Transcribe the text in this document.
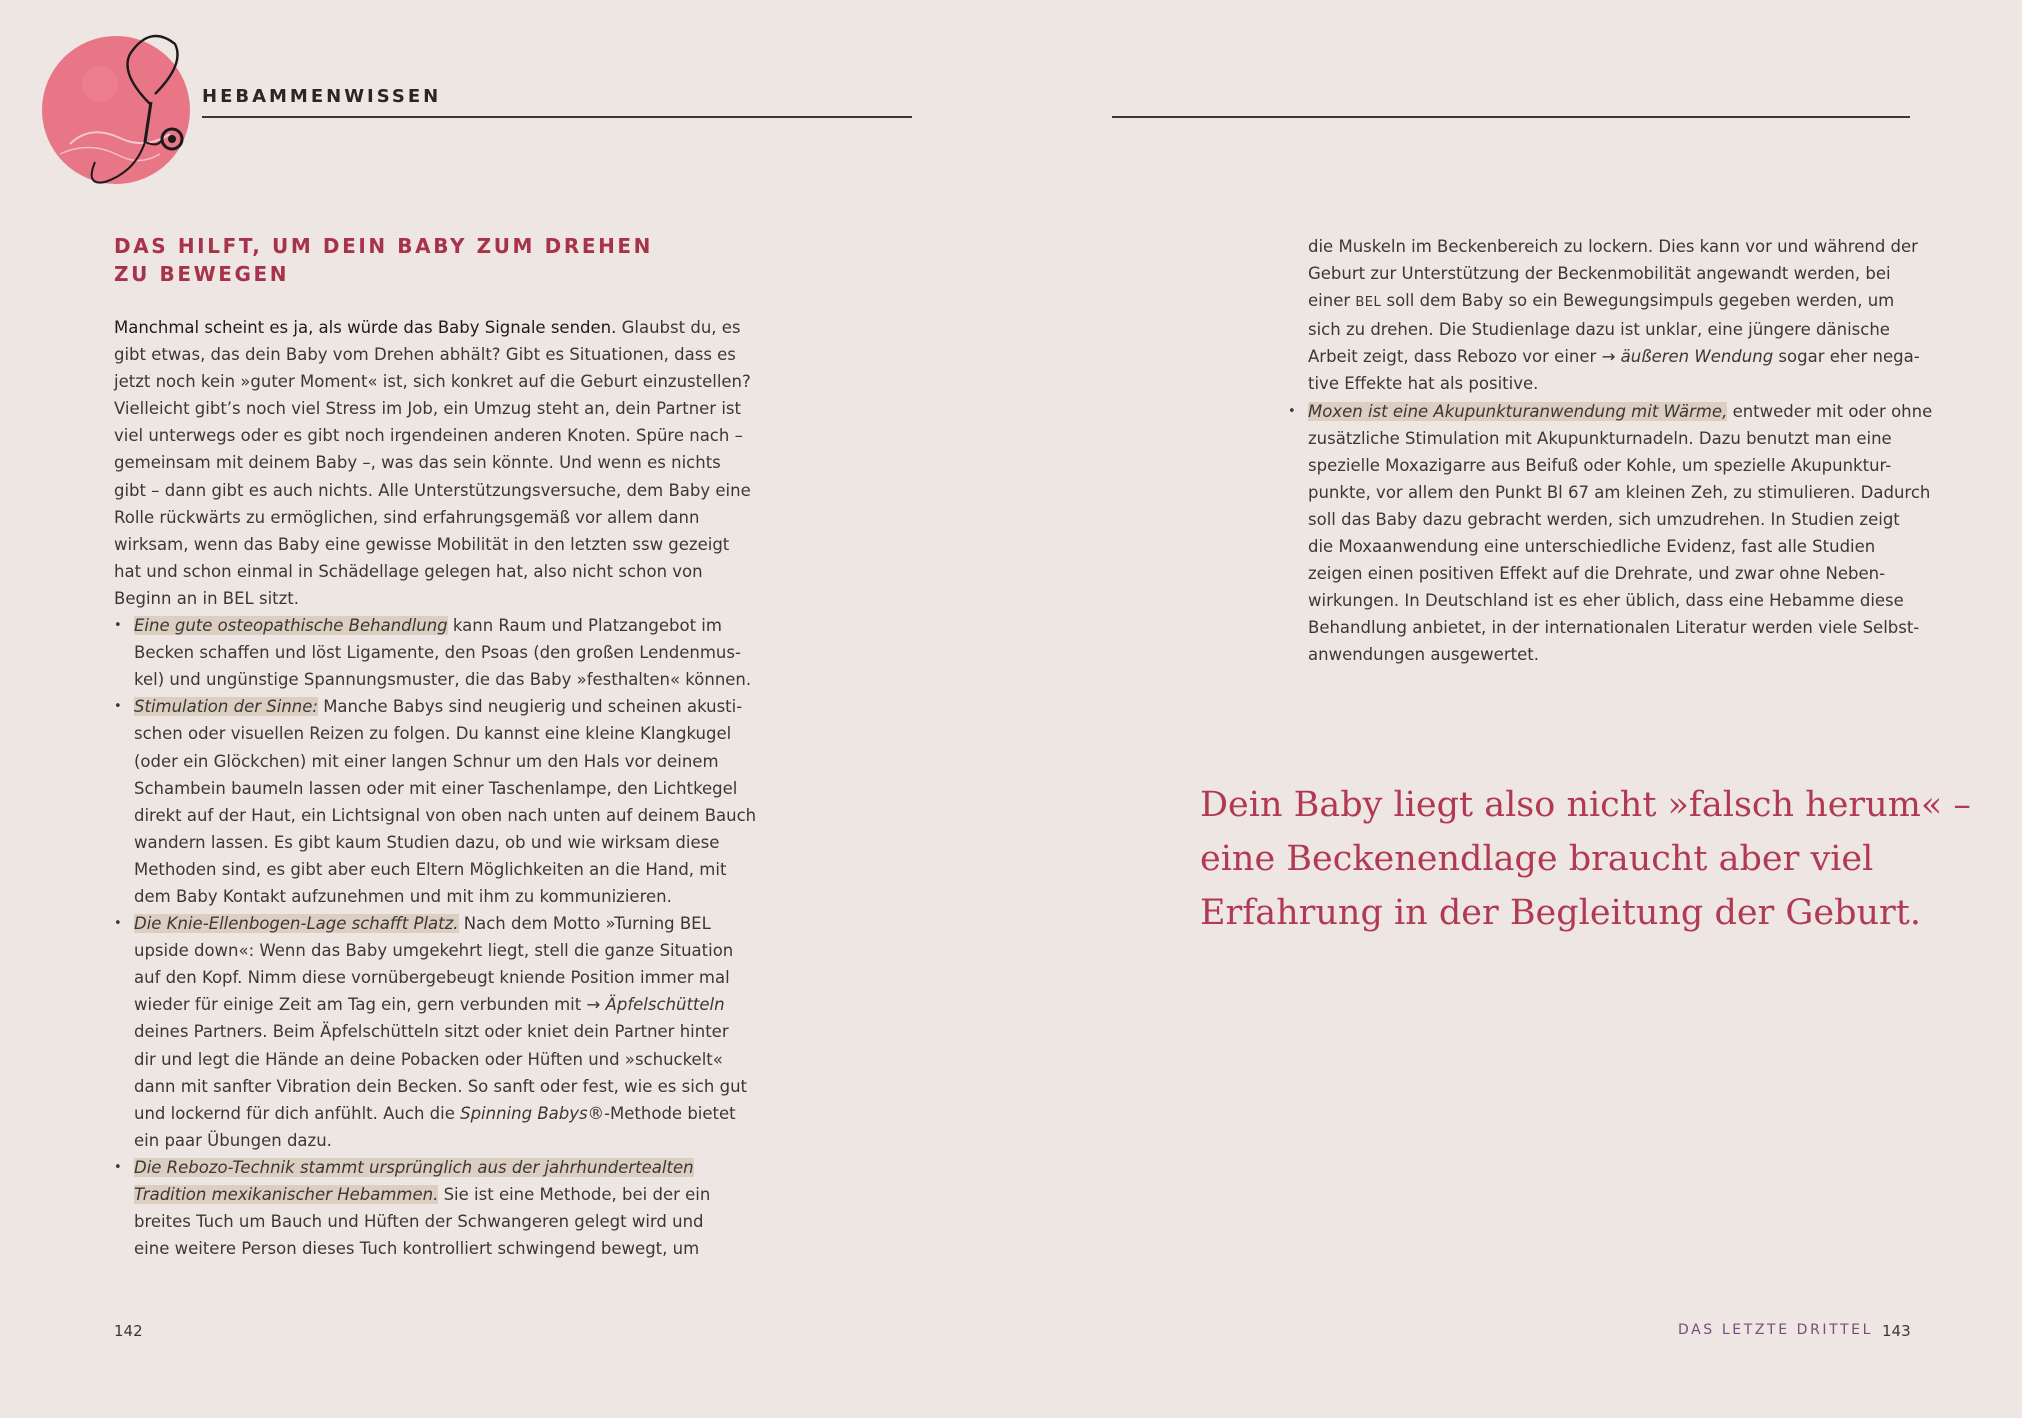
HEBAMMENWISSEN
DAS HILFT, UM DEIN BABY ZUM DREHEN
ZU BEWEGEN

Manchmal scheint es ja, als würde das Baby Signale senden. Glaubst du, es

gibt etwas, das dein Baby vom Drehen abhält? Gibt es Situationen, dass es

jetzt noch kein »guter Moment« ist, sich konkret auf die Geburt einzustellen?

Vielleicht gibt’s noch viel Stress im Job, ein Umzug steht an, dein Partner ist

viel unterwegs oder es gibt noch irgendeinen anderen Knoten. Spüre nach –

gemeinsam mit deinem Baby –, was das sein könnte. Und wenn es nichts

gibt – dann gibt es auch nichts. Alle Unterstützungsversuche, dem Baby eine

Rolle rückwärts zu ermöglichen, sind erfahrungsgemäß vor allem dann

wirksam, wenn das Baby eine gewisse Mobilität in den letzten ssw gezeigt

hat und schon einmal in Schädellage gelegen hat, also nicht schon von

Beginn an in BEL sitzt.

• Eine gute osteopathische Behandlung kann Raum und Platzangebot im

Becken schaffen und löst Ligamente, den Psoas (den großen Lendenmus-

kel) und ungünstige Spannungsmuster, die das Baby »festhalten« können.

• Stimulation der Sinne: Manche Babys sind neugierig und scheinen akusti-

schen oder visuellen Reizen zu folgen. Du kannst eine kleine Klangkugel

(oder ein Glöckchen) mit einer langen Schnur um den Hals vor deinem

Schambein baumeln lassen oder mit einer Taschenlampe, den Lichtkegel

direkt auf der Haut, ein Lichtsignal von oben nach unten auf deinem Bauch

wandern lassen. Es gibt kaum Studien dazu, ob und wie wirksam diese

Methoden sind, es gibt aber euch Eltern Möglichkeiten an die Hand, mit

dem Baby Kontakt aufzunehmen und mit ihm zu kommunizieren.

• Die Knie-Ellenbogen-Lage schafft Platz. Nach dem Motto »Turning BEL

upside down«: Wenn das Baby umgekehrt liegt, stell die ganze Situation

auf den Kopf. Nimm diese vornübergebeugt kniende Position immer mal

wieder für einige Zeit am Tag ein, gern verbunden mit → Äpfelschütteln

deines Partners. Beim Äpfelschütteln sitzt oder kniet dein Partner hinter

dir und legt die Hände an deine Pobacken oder Hüften und »schuckelt«

dann mit sanfter Vibration dein Becken. So sanft oder fest, wie es sich gut

und lockernd für dich anfühlt. Auch die Spinning Babys®-Methode bietet

ein paar Übungen dazu.

• Die Rebozo-Technik stammt ursprünglich aus der jahrhundertealten

Tradition mexikanischer Hebammen. Sie ist eine Methode, bei der ein

breites Tuch um Bauch und Hüften der Schwangeren gelegt wird und

eine weitere Person dieses Tuch kontrolliert schwingend bewegt, um

die Muskeln im Beckenbereich zu lockern. Dies kann vor und während der

Geburt zur Unterstützung der Beckenmobilität angewandt werden, bei

einer BEL soll dem Baby so ein Bewegungsimpuls gegeben werden, um

sich zu drehen. Die Studienlage dazu ist unklar, eine jüngere dänische

Arbeit zeigt, dass Rebozo vor einer → äußeren Wendung sogar eher nega-

tive Effekte hat als positive.

• Moxen ist eine Akupunkturanwendung mit Wärme, entweder mit oder ohne

zusätzliche Stimulation mit Akupunkturnadeln. Dazu benutzt man eine

spezielle Moxazigarre aus Beifuß oder Kohle, um spezielle Akupunktur-

punkte, vor allem den Punkt Bl 67 am kleinen Zeh, zu stimulieren. Dadurch

soll das Baby dazu gebracht werden, sich umzudrehen. In Studien zeigt

die Moxaanwendung eine unterschiedliche Evidenz, fast alle Studien

zeigen einen positiven Effekt auf die Drehrate, und zwar ohne Neben-

wirkungen. In Deutschland ist es eher üblich, dass eine Hebamme diese

Behandlung anbietet, in der internationalen Literatur werden viele Selbst-

anwendungen ausgewertet.

Dein Baby liegt also nicht »falsch herum« –

eine Beckenendlage braucht aber viel

Erfahrung in der Begleitung der Geburt.

142	DAS LETZTE DRITTEL 143
